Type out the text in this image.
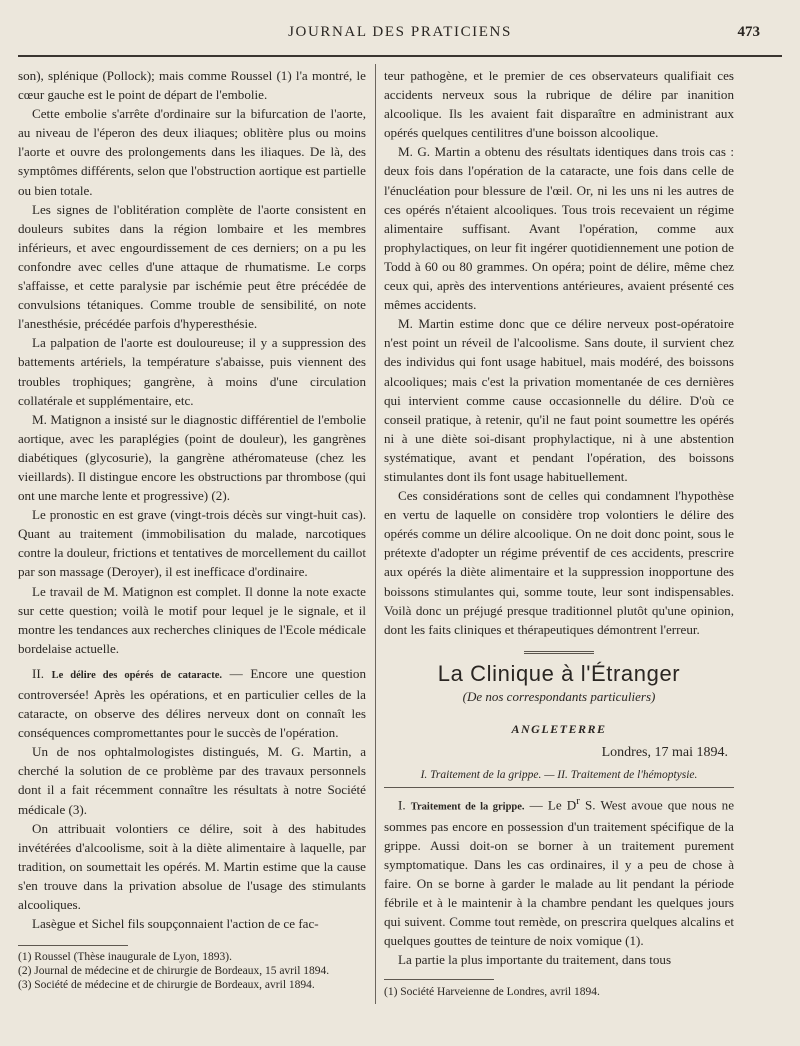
JOURNAL DES PRATICIENS	473

son), splénique (Pollock); mais comme Roussel (1) l'a montré, le cœur gauche est le point de départ de l'embolie.

Cette embolie s'arrête d'ordinaire sur la bifurcation de l'aorte, au niveau de l'éperon des deux iliaques; oblitère plus ou moins l'aorte et ouvre des prolongements dans les iliaques. De là, des symptômes différents, selon que l'obstruction aortique est partielle ou bien totale.

Les signes de l'oblitération complète de l'aorte consistent en douleurs subites dans la région lombaire et les membres inférieurs, et avec engourdissement de ces derniers; on a pu les confondre avec celles d'une attaque de rhumatisme. Le corps s'affaisse, et cette paralysie par ischémie peut être précédée de convulsions tétaniques. Comme trouble de sensibilité, on note l'anesthésie, précédée parfois d'hyperesthésie.

La palpation de l'aorte est douloureuse; il y a suppression des battements artériels, la température s'abaisse, puis viennent des troubles trophiques; gangrène, à moins d'une circulation collatérale et supplémentaire, etc.

M. Matignon a insisté sur le diagnostic différentiel de l'embolie aortique, avec les paraplégies (point de douleur), les gangrènes diabétiques (glycosurie), la gangrène athéromateuse (chez les vieillards). Il distingue encore les obstructions par thrombose (qui ont une marche lente et progressive) (2).

Le pronostic en est grave (vingt-trois décès sur vingt-huit cas). Quant au traitement (immobilisation du malade, narcotiques contre la douleur, frictions et tentatives de morcellement du caillot par son massage (Deroyer), il est inefficace d'ordinaire.

Le travail de M. Matignon est complet. Il donne la note exacte sur cette question; voilà le motif pour lequel je le signale, et il montre les tendances aux recherches cliniques de l'Ecole médicale bordelaise actuelle.

II. Le délire des opérés de cataracte. — Encore une question controversée! Après les opérations, et en particulier celles de la cataracte, on observe des délires nerveux dont on connaît les conséquences compromettantes pour le succès de l'opération.

Un de nos ophtalmologistes distingués, M. G. Martin, a cherché la solution de ce problème par des travaux personnels dont il a fait récemment connaître les résultats à notre Société médicale (3).

On attribuait volontiers ce délire, soit à des habitudes invétérées d'alcoolisme, soit à la diète alimentaire à laquelle, par tradition, on soumettait les opérés. M. Martin estime que la cause s'en trouve dans la privation absolue de l'usage des stimulants alcooliques.

Lasègue et Sichel fils soupçonnaient l'action de ce fac-

(1) Roussel (Thèse inaugurale de Lyon, 1893).

(2) Journal de médecine et de chirurgie de Bordeaux, 15 avril 1894.

(3) Société de médecine et de chirurgie de Bordeaux, avril 1894.

teur pathogène, et le premier de ces observateurs qualifiait ces accidents nerveux sous la rubrique de délire par inanition alcoolique. Ils les avaient fait disparaître en administrant aux opérés quelques centilitres d'une boisson alcoolique.

M. G. Martin a obtenu des résultats identiques dans trois cas : deux fois dans l'opération de la cataracte, une fois dans celle de l'énucléation pour blessure de l'œil. Or, ni les uns ni les autres de ces opérés n'étaient alcooliques. Tous trois recevaient un régime alimentaire suffisant. Avant l'opération, comme aux prophylactiques, on leur fit ingérer quotidiennement une potion de Todd à 60 ou 80 grammes. On opéra; point de délire, même chez ceux qui, après des interventions antérieures, avaient présenté ces mêmes accidents.

M. Martin estime donc que ce délire nerveux post-opératoire n'est point un réveil de l'alcoolisme. Sans doute, il survient chez des individus qui font usage habituel, mais modéré, des boissons alcooliques; mais c'est la privation momentanée de ces dernières qui intervient comme cause occasionnelle du délire. D'où ce conseil pratique, à retenir, qu'il ne faut point soumettre les opérés ni à une diète soi-disant prophylactique, ni à une abstention systématique, avant et pendant l'opération, des boissons stimulantes dont ils font usage habituellement.

Ces considérations sont de celles qui condamnent l'hypothèse en vertu de laquelle on considère trop volontiers le délire des opérés comme un délire alcoolique. On ne doit donc point, sous le prétexte d'adopter un régime préventif de ces accidents, prescrire aux opérés la diète alimentaire et la suppression inopportune des boissons stimulantes qui, somme toute, leur sont indispensables. Voilà donc un préjugé presque traditionnel plutôt qu'une opinion, dont les faits cliniques et thérapeutiques démontrent l'erreur.

La Clinique à l'Étranger
(De nos correspondants particuliers)
ANGLETERRE
Londres, 17 mai 1894.
I. Traitement de la grippe. — II. Traitement de l'hémoptysie.

I. Traitement de la grippe. — Le $D^r$ S. West avoue que nous ne sommes pas encore en possession d'un traitement spécifique de la grippe. Aussi doit-on se borner à un traitement purement symptomatique. Dans les cas ordinaires, il y a peu de chose à faire. On se borne à garder le malade au lit pendant la période fébrile et à le maintenir à la chambre pendant les quelques jours qui suivent. Comme tout remède, on prescrira quelques alcalins et quelques gouttes de teinture de noix vomique (1).

La partie la plus importante du traitement, dans tous

(1) Société Harveienne de Londres, avril 1894.
